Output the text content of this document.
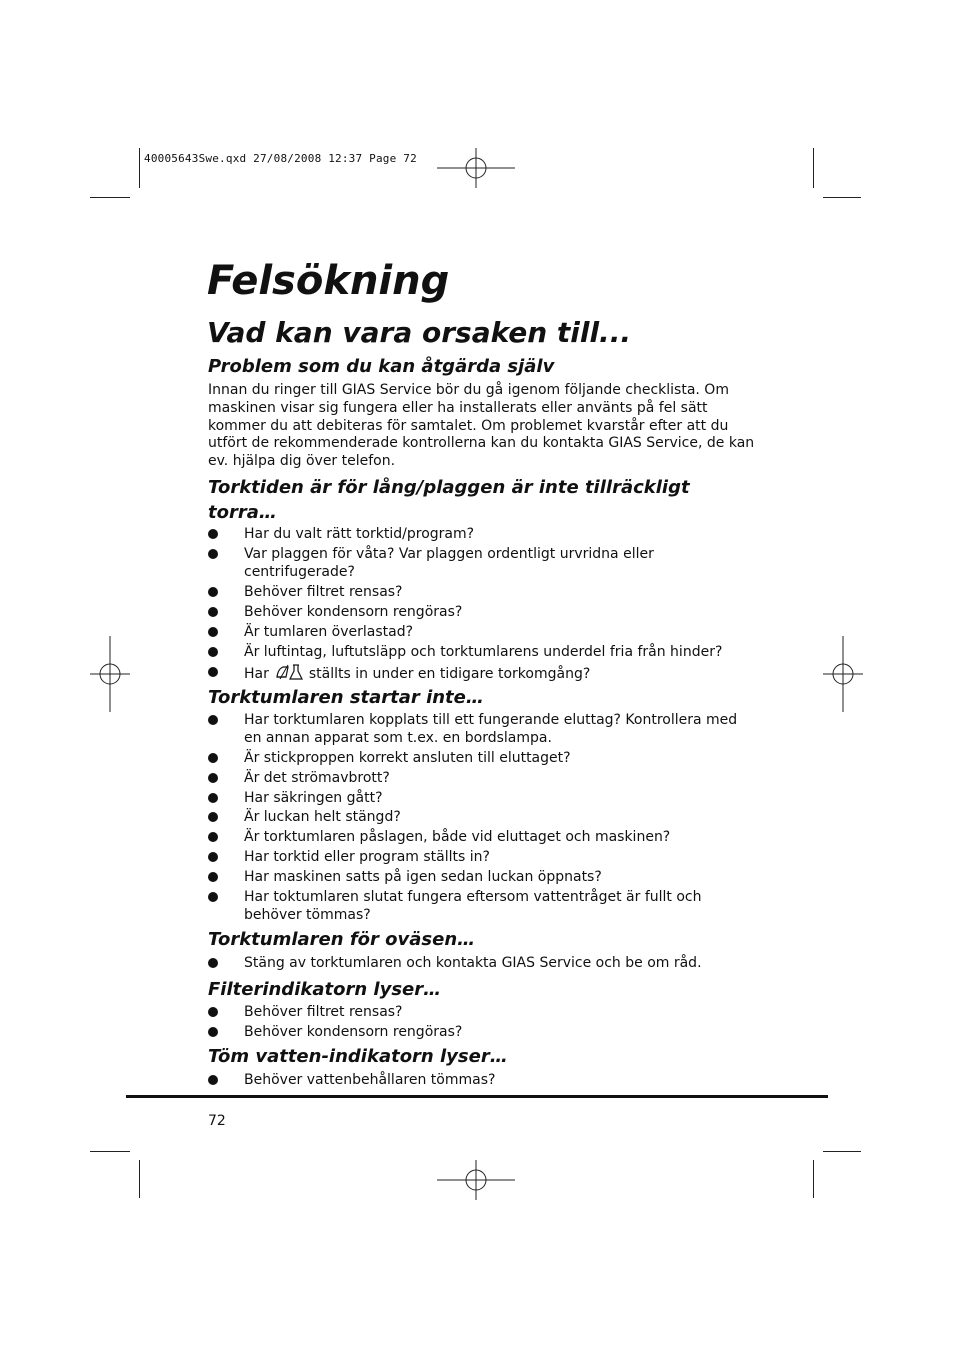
40005643Swe.qxd 27/08/2008 12:37 Page 72
Felsökning
Vad kan vara orsaken till...
Problem som du kan åtgärda själv
Innan du ringer till GIAS Service bör du gå igenom följande checklista. Om
maskinen visar sig fungera eller ha installerats eller använts på fel sätt
kommer du att debiteras för samtalet. Om problemet kvarstår efter att du
utfört de rekommenderade kontrollerna kan du kontakta GIAS Service, de kan
ev. hjälpa dig över telefon.
Torktiden är för lång/plaggen är inte tillräckligt
torra…
Har du valt rätt torktid/program?
Var plaggen för våta? Var plaggen ordentligt urvridna eller centrifugerade?
Behöver filtret rensas?
Behöver kondensorn rengöras?
Är tumlaren överlastad?
Är luftintag, luftutsläpp och torktumlarens underdel fria från hinder?
Har	ställts in under en tidigare torkomgång?
Torktumlaren startar inte…
Har torktumlaren kopplats till ett fungerande eluttag? Kontrollera med en annan apparat som t.ex. en bordslampa.
Är stickproppen korrekt ansluten till eluttaget?
Är det strömavbrott?
Har säkringen gått?
Är luckan helt stängd?
Är torktumlaren påslagen, både vid eluttaget och maskinen?
Har torktid eller program ställts in?
Har maskinen satts på igen sedan luckan öppnats?
Har toktumlaren slutat fungera eftersom vattentråget är fullt och behöver tömmas?
Torktumlaren för oväsen…
Stäng av torktumlaren och kontakta GIAS Service och be om råd.
Filterindikatorn lyser…
Behöver filtret rensas?
Behöver kondensorn rengöras?
Töm vatten-indikatorn lyser…
Behöver vattenbehållaren tömmas?
72
